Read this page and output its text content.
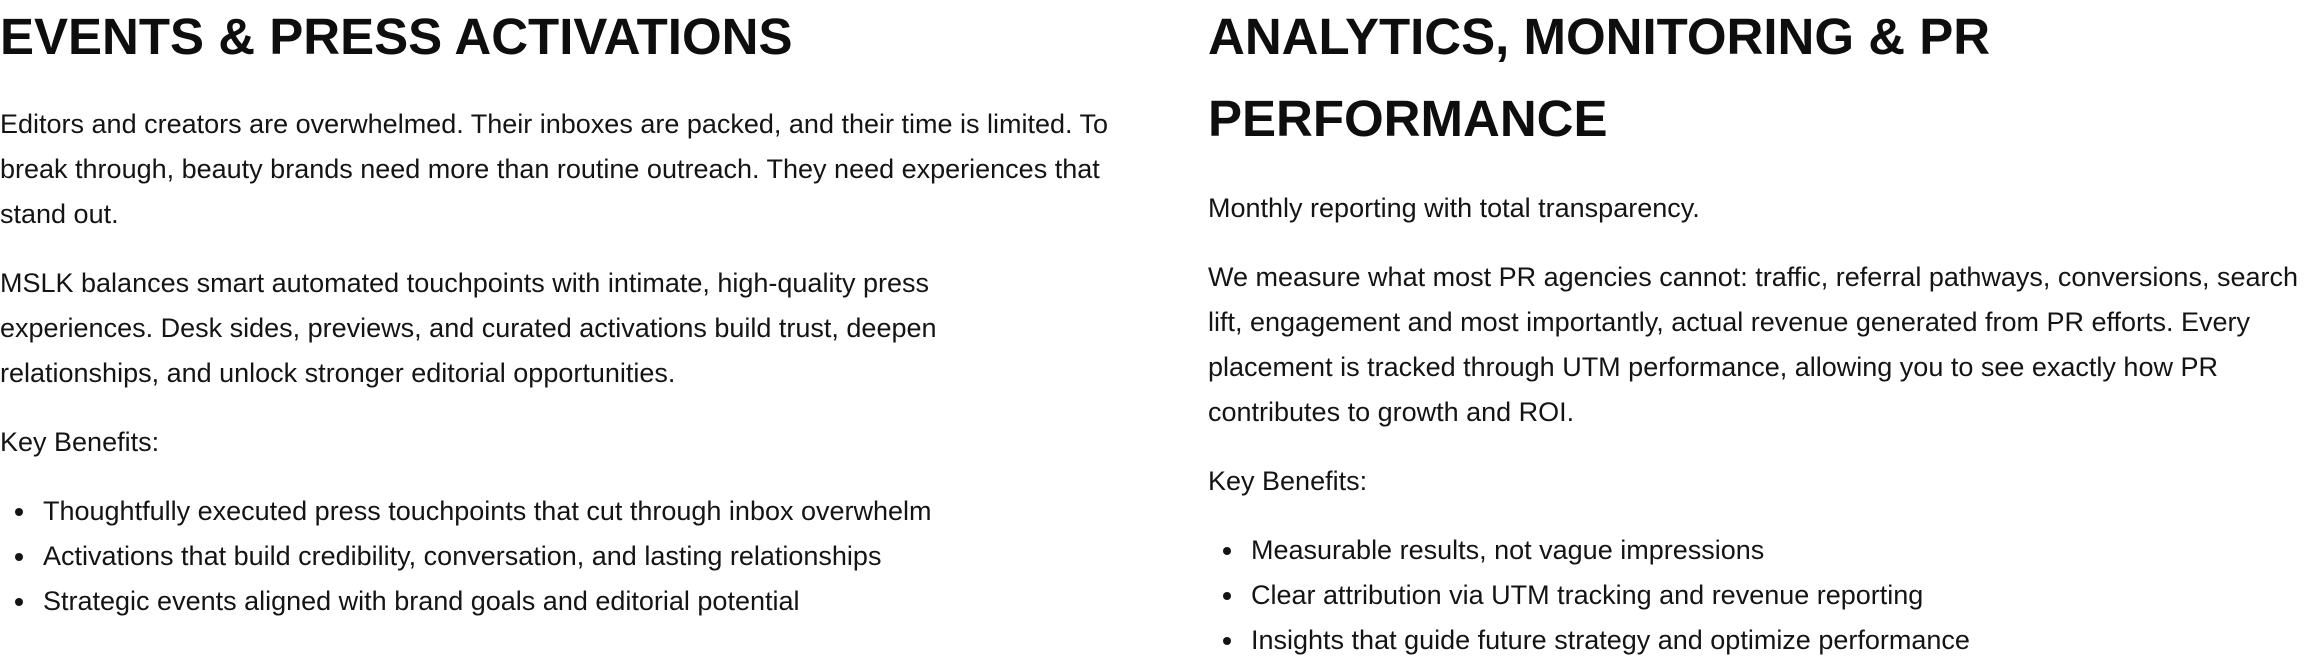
EVENTS & PRESS ACTIVATIONS

Editors and creators are overwhelmed. Their inboxes are packed, and their time is limited. To break through, beauty brands need more than routine outreach. They need experiences that stand out.

MSLK balances smart automated touchpoints with intimate, high-quality press experiences. Desk sides, previews, and curated activations build trust, deepen relationships, and unlock stronger editorial opportunities.

Key Benefits:

Thoughtfully executed press touchpoints that cut through inbox overwhelm
Activations that build credibility, conversation, and lasting relationships
Strategic events aligned with brand goals and editorial potential
ANALYTICS, MONITORING & PR PERFORMANCE

Monthly reporting with total transparency.

We measure what most PR agencies cannot: traffic, referral pathways, conversions, search lift, engagement and most importantly, actual revenue generated from PR efforts. Every placement is tracked through UTM performance, allowing you to see exactly how PR contributes to growth and ROI.

Key Benefits:

Measurable results, not vague impressions
Clear attribution via UTM tracking and revenue reporting
Insights that guide future strategy and optimize performance
